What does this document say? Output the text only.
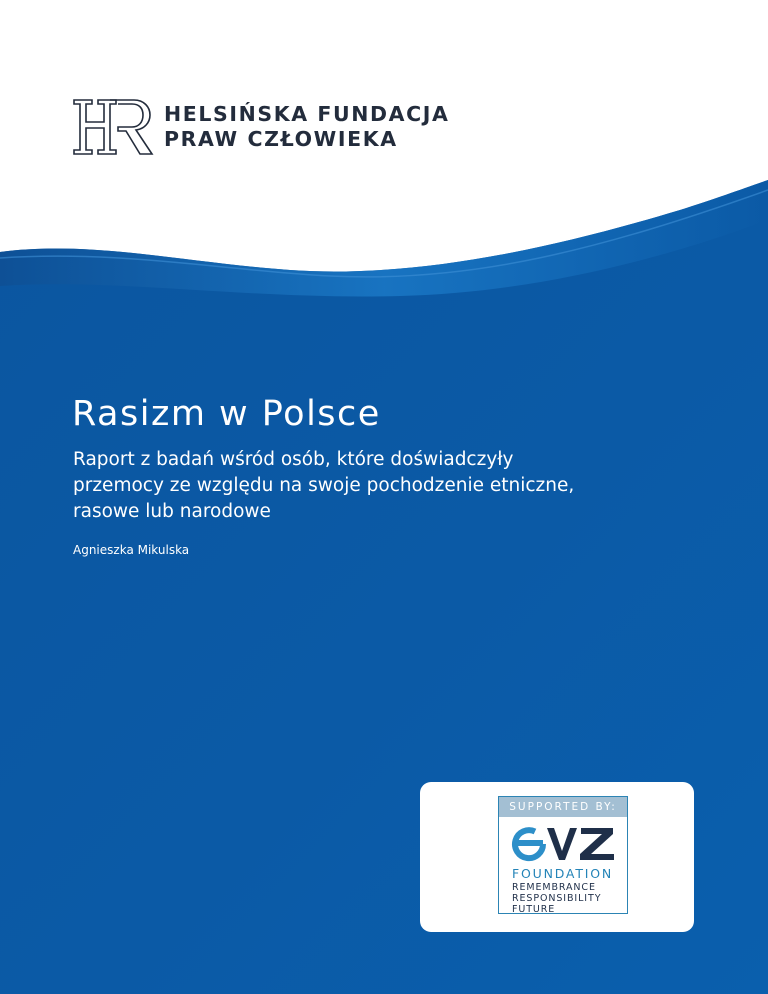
HELSIŃSKA FUNDACJA
PRAW CZŁOWIEKA
Rasizm w Polsce

Raport z badań wśród osób, które doświadczyły przemocy ze względu na swoje pochodzenie etniczne, rasowe lub narodowe

Agnieszka Mikulska
SUPPORTED BY:
FOUNDATION
REMEMBRANCE
RESPONSIBILITY
FUTURE
